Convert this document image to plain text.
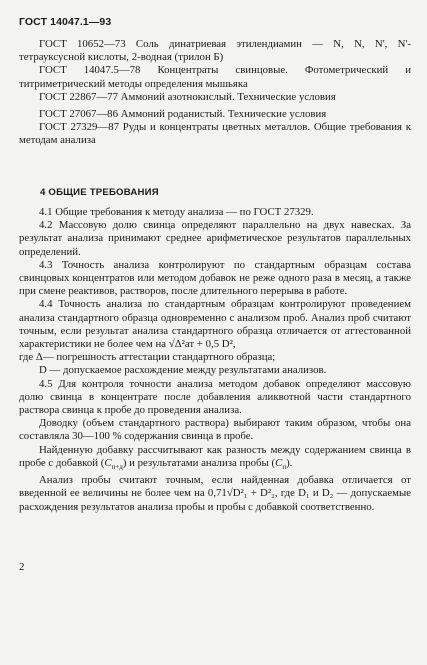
ГОСТ 14047.1—93

ГОСТ 10652—73 Соль динатриевая этилендиамин — N, N, N', N'- тетрауксусной кислоты, 2-водная (трилон Б)

ГОСТ 14047.5—78 Концентраты свинцовые. Фотометрический и титриметрический методы определения мышьяка

ГОСТ 22867—77 Аммоний азотнокислый. Технические условия

ГОСТ 27067—86 Аммоний роданистый. Технические условия

ГОСТ 27329—87 Руды и концентраты цветных металлов. Общие требования к методам анализа

4 ОБЩИЕ ТРЕБОВАНИЯ

4.1 Общие требования к методу анализа — по ГОСТ 27329.

4.2 Массовую долю свинца определяют параллельно на двух навесках. За результат анализа принимают среднее арифметическое результатов параллельных определений.

4.3 Точность анализа контролируют по стандартным образцам состава свинцовых концентратов или методом добавок не реже одного раза в месяц, а также при смене реактивов, растворов, после длительного перерыва в работе.

4.4 Точность анализа по стандартным образцам контролируют проведением анализа стандартного образца одновременно с анализом проб. Анализ проб считают точным, если результат анализа стандартного образца отличается от аттестованной характеристики не более чем на √Δ²ат + 0,5 D²,

где Δ— погрешность аттестации стандартного образца;

D — допускаемое расхождение между результатами анализов.

4.5 Для контроля точности анализа методом добавок определяют массовую долю свинца в концентрате после добавления аликвотной части стандартного раствора свинца к пробе до проведения анализа.

Доводку (объем стандартного раствора) выбирают таким образом, чтобы она составляла 30—100 % содержания свинца в пробе.

Найденную добавку рассчитывают как разность между содержанием свинца в пробе с добавкой $(C_{п+д})$ и результатами анализа пробы $(C_п)$.

Анализ пробы считают точным, если найденная добавка отличается от введенной ее величины не более чем на 0,71√D²₁ + D²₂, где D₁ и D₂ — допускаемые расхождения результатов анализа пробы и пробы с добавкой соответственно.

2
